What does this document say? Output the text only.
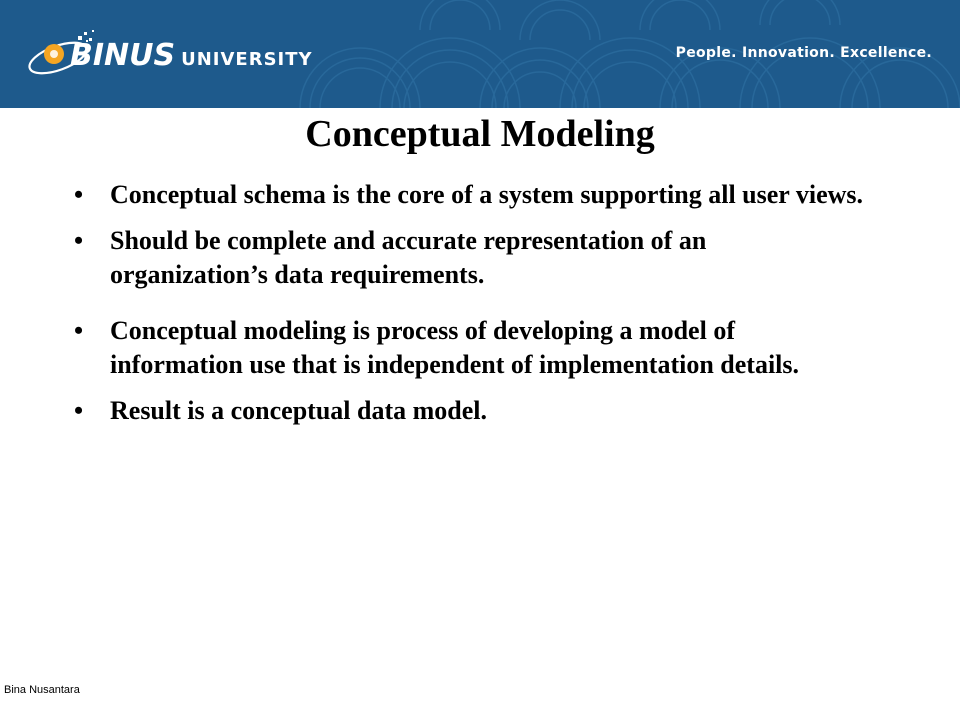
BINUS UNIVERSITY	People. Innovation. Excellence.
Conceptual Modeling
• Conceptual schema is the core of a system supporting all user views.
• Should be complete and accurate representation of an organization’s data requirements.
• Conceptual modeling is process of developing a model of information use that is independent of implementation details.
• Result is a conceptual data model.
Bina Nusantara
